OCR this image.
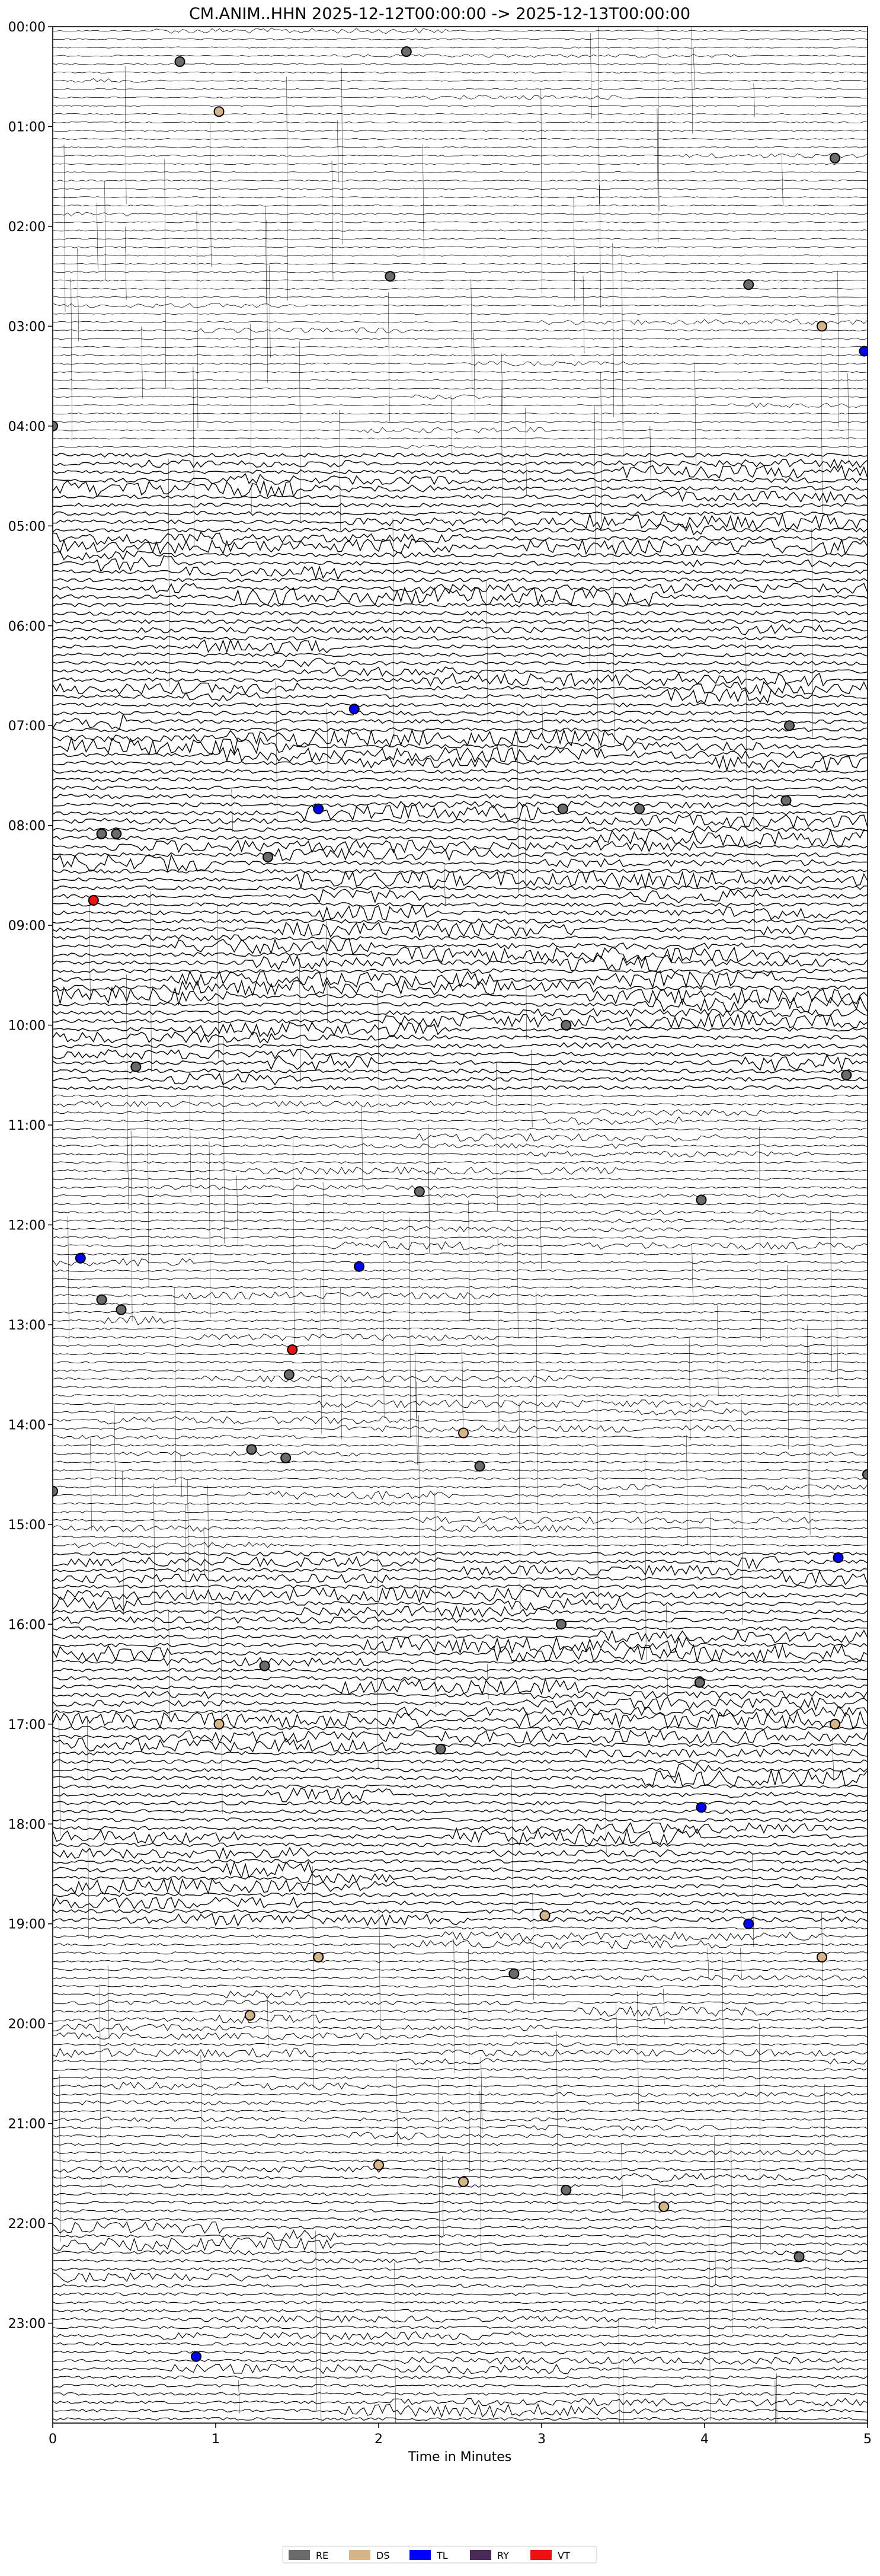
CM.ANIM..HHN 2025-12-12T00:00:00 -> 2025-12-13T00:00:00
00:00
01:00
02:00
03:00
04:00
05:00
06:00
07:00
08:00
09:00
10:00
11:00
12:00
13:00
14:00
15:00
16:00
17:00
18:00
19:00
20:00
21:00
22:00
23:00
0	1	2	3	4	5
Time in Minutes
RE	DS	TL	RY	VT
